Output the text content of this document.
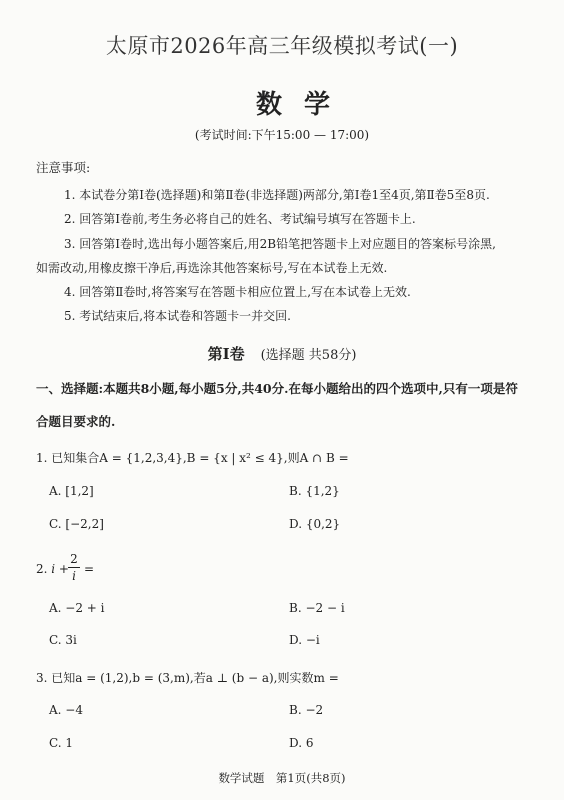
太原市2026年高三年级模拟考试(一)
数学
(考试时间:下午15:00 — 17:00)
注意事项:
1. 本试卷分第Ⅰ卷(选择题)和第Ⅱ卷(非选择题)两部分,第Ⅰ卷1至4页,第Ⅱ卷5至8页.
2. 回答第Ⅰ卷前,考生务必将自己的姓名、考试编号填写在答题卡上.
3. 回答第Ⅰ卷时,选出每小题答案后,用2B铅笔把答题卡上对应题目的答案标号涂黑,
如需改动,用橡皮擦干净后,再选涂其他答案标号,写在本试卷上无效.
4. 回答第Ⅱ卷时,将答案写在答题卡相应位置上,写在本试卷上无效.
5. 考试结束后,将本试卷和答题卡一并交回.
第Ⅰ卷 (选择题 共58分)
一、选择题:本题共8小题,每小题5分,共40分.在每小题给出的四个选项中,只有一项是符
合题目要求的.
1. 已知集合A = {1,2,3,4},B = {x | x² ≤ 4},则A ∩ B =
A. [1,2]	B. {1,2}
C. [−2,2]	D. {0,2}
2. i +
2
i =
A. −2 + i	B. −2 − i
C. 3i	D. −i
3. 已知a = (1,2),b = (3,m),若a ⊥ (b − a),则实数m =
A. −4	B. −2
C. 1	D. 6
数学试题　第1页(共8页)
